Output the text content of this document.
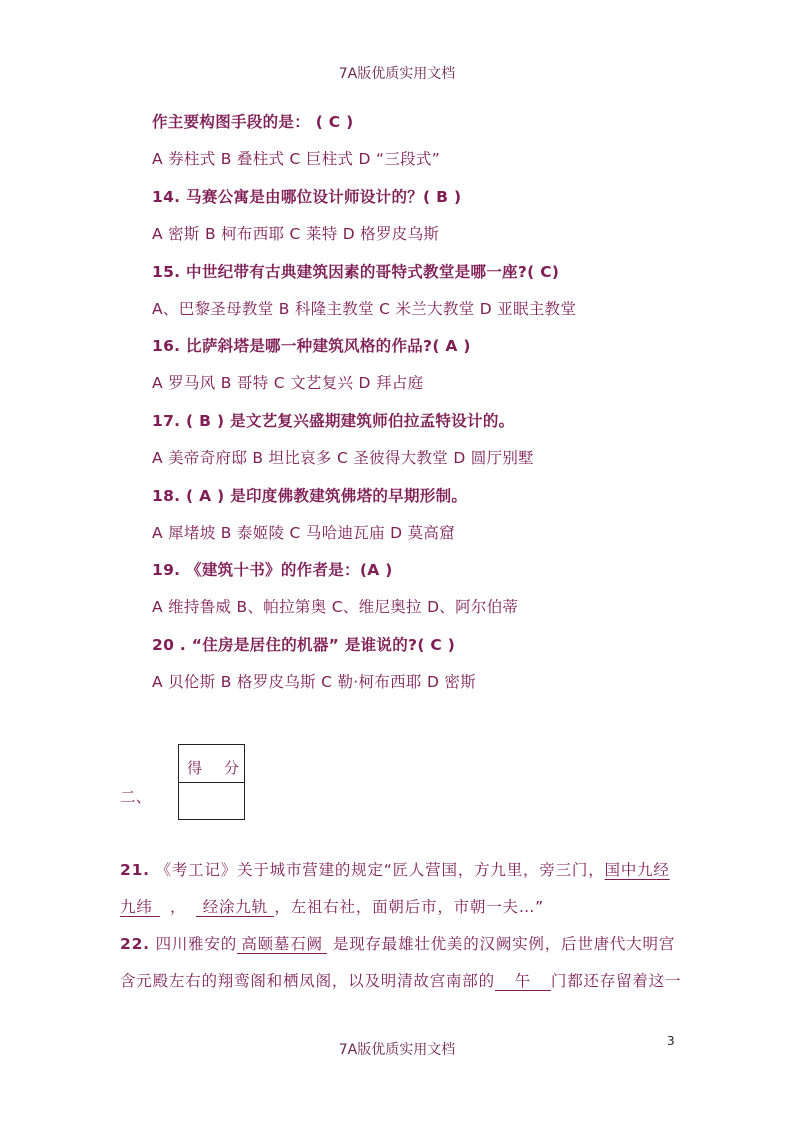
7A版优质实用文档
作主要构图手段的是： ( C )
A 券柱式 B 叠柱式 C 巨柱式 D “三段式”
14. 马赛公寓是由哪位设计师设计的？( B )
A 密斯 B 柯布西耶 C 莱特 D 格罗皮乌斯
15. 中世纪带有古典建筑因素的哥特式教堂是哪一座?( C)
A、巴黎圣母教堂 B 科隆主教堂 C 米兰大教堂 D 亚眠主教堂
16. 比萨斜塔是哪一种建筑风格的作品?( A )
A 罗马风 B 哥特 C 文艺复兴 D 拜占庭
17. ( B ) 是文艺复兴盛期建筑师伯拉孟特设计的。
A 美帝奇府邸 B 坦比哀多 C 圣彼得大教堂 D 圆厅别墅
18. ( A ) 是印度佛教建筑佛塔的早期形制。
A 犀堵坡 B 泰姬陵 C 马哈迪瓦庙 D 莫高窟
19. 《建筑十书》的作者是：(A )
A 维持鲁威 B、帕拉第奥 C、维尼奥拉 D、阿尔伯蒂
20 . “住房是居住的机器” 是谁说的?( C )
A 贝伦斯 B 格罗皮乌斯 C 勒·柯布西耶 D 密斯
二、
得 分
21. 《考工记》关于城市营建的规定“匠人营国，方九里，旁三门，国中九经
九纬 ， 经涂九轨 ，左祖右社，面朝后市，市朝一夫…”
22. 四川雅安的 高颐墓石阙 是现存最雄壮优美的汉阙实例，后世唐代大明宫
含元殿左右的翔鸾阁和栖凤阁，以及明清故宫南部的 午 门都还存留着这一
3
7A版优质实用文档
